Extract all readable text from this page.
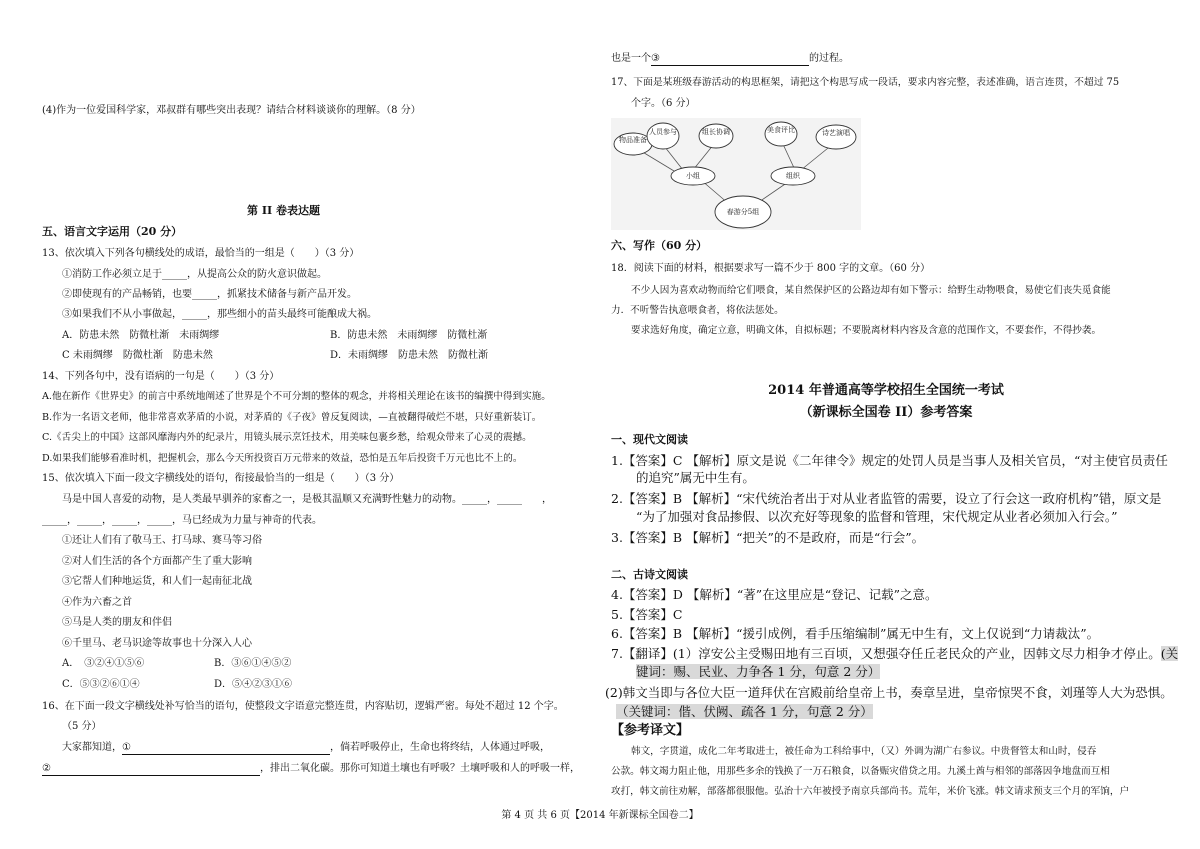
(4)作为一位爱国科学家，邓叔群有哪些突出表现？请结合材料谈谈你的理解。（8 分）
第 II 卷表达题
五、语言文字运用（20 分）
13、依次填入下列各句横线处的成语，最恰当的一组是（　　）（3 分）
①消防工作必须立足于_____，从提高公众的防火意识做起。
②即使现有的产品畅销，也要_____，抓紧技术储备与新产品开发。
③如果我们不从小事做起，_____，那些细小的苗头最终可能酿成大祸。
A．防患未然　防微杜渐　未雨绸缪	B．防患未然　未雨绸缪　防微杜渐
C 未雨绸缪　防微杜渐　防患未然	D．未雨绸缪　防患未然　防微杜渐
14、下列各句中，没有语病的一句是（　　）（3 分）
A.他在新作《世界史》的前言中系统地阐述了世界是个不可分割的整体的观念，并将相关理论在该书的编撰中得到实施。
B.作为一名语文老师，他非常喜欢茅盾的小说，对茅盾的《子夜》曾反复阅读，—直被翻得破烂不堪，只好重新装订。
C.《舌尖上的中国》这部风靡海内外的纪录片，用镜头展示烹饪技术，用美味包裹乡愁，给观众带来了心灵的震撼。
D.如果我们能够看准时机，把握机会，那么今天所投资百万元带来的效益，恐怕是五年后投资千万元也比不上的。
15、依次填入下面一段文字横线处的语句，衔接最恰当的一组是（　　）（3 分）
马是中国人喜爱的动物，是人类最早驯养的家畜之一，是极其温顺又充满野性魅力的动物。_____，_____　　，
_____，_____，_____，_____，马已经成为力量与神奇的代表。
①还让人们有了敬马王、打马球、赛马等习俗
②对人们生活的各个方面都产生了重大影响
③它帮人们种地运货，和人们一起南征北战
④作为六畜之首
⑤马是人类的朋友和伴侣
⑥千里马、老马识途等故事也十分深入人心
A．　③②④①⑤⑥	B．③⑥①④⑤②
C．⑤③②⑥①④	D．⑤④②③①⑥
16、在下面一段文字横线处补写恰当的语句，使整段文字语意完整连贯，内容贴切，逻辑严密。每处不超过 12 个字。
（5 分）
大家都知道，①	，倘若呼吸停止，生命也将终结，人体通过呼吸，
②	，排出二氧化碳。那你可知道土壤也有呼吸？土壤呼吸和人的呼吸一样，
也是一个③	的过程。
17、下面是某班级春游活动的构思框架，请把这个构思写成一段话，要求内容完整，表述准确，语言连贯，不超过 75
个字。（6 分）
物品准备
人员参与	组长协调	美食评比	诗艺演唱
小组	组织
春游分5组
六、写作（60 分）
18．阅读下面的材料，根据要求写一篇不少于 800 字的文章。（60 分）
不少人因为喜欢动物而给它们喂食，某自然保护区的公路边却有如下警示：给野生动物喂食，易使它们丧失觅食能
力．不听警告执意喂食者，将依法惩处。
要求选好角度，确定立意，明确文体，自拟标题；不要脱离材料内容及含意的范围作文，不要套作，不得抄袭。
2014 年普通高等学校招生全国统一考试
（新课标全国卷 II）参考答案
一、现代文阅读
1.【答案】C 【解析】原文是说《二年律令》规定的处罚人员是当事人及相关官员，“对主使官员责任
的追究”属无中生有。
2.【答案】B 【解析】“宋代统治者出于对从业者监管的需要，设立了行会这一政府机构”错，原文是
“为了加强对食品掺假、以次充好等现象的监督和管理，宋代规定从业者必须加入行会。”
3.【答案】B 【解析】“把关”的不是政府，而是“行会”。
二、古诗文阅读
4.【答案】D 【解析】“著”在这里应是“登记、记载”之意。
5.【答案】C
6.【答案】B 【解析】“援引成例，看手压缩编制”属无中生有，文上仅说到“力请裁汰”。
7.【翻译】(1）淳安公主受赐田地有三百顷，又想强夺任丘老民众的产业，因韩文尽力相争才停止。(关
键词：赐、民业、力争各 1 分，句意 2 分）
(2)韩文当即与各位大臣一道拜伏在宫殿前给皇帝上书，奏章呈进，皇帝惊哭不食，刘瑾等人大为恐惧。
（关键词：偕、伏阙、疏各 1 分，句意 2 分）
【参考译文】
韩文，字贯道，成化二年考取进士，被任命为工科给事中，（又）外调为湖广右参议。中贵督管太和山时，侵吞
公款。韩文竭力阻止他，用那些多余的钱换了一万石粮食，以备赈灾借贷之用。九溪土酋与相邻的部落因争地盘而互相
攻打，韩文前往劝解，部落都很服他。弘治十六年被授予南京兵部尚书。荒年，米价飞涨。韩文请求预支三个月的军饷，户
第 4 页 共 6 页【2014 年新课标全国卷二】
